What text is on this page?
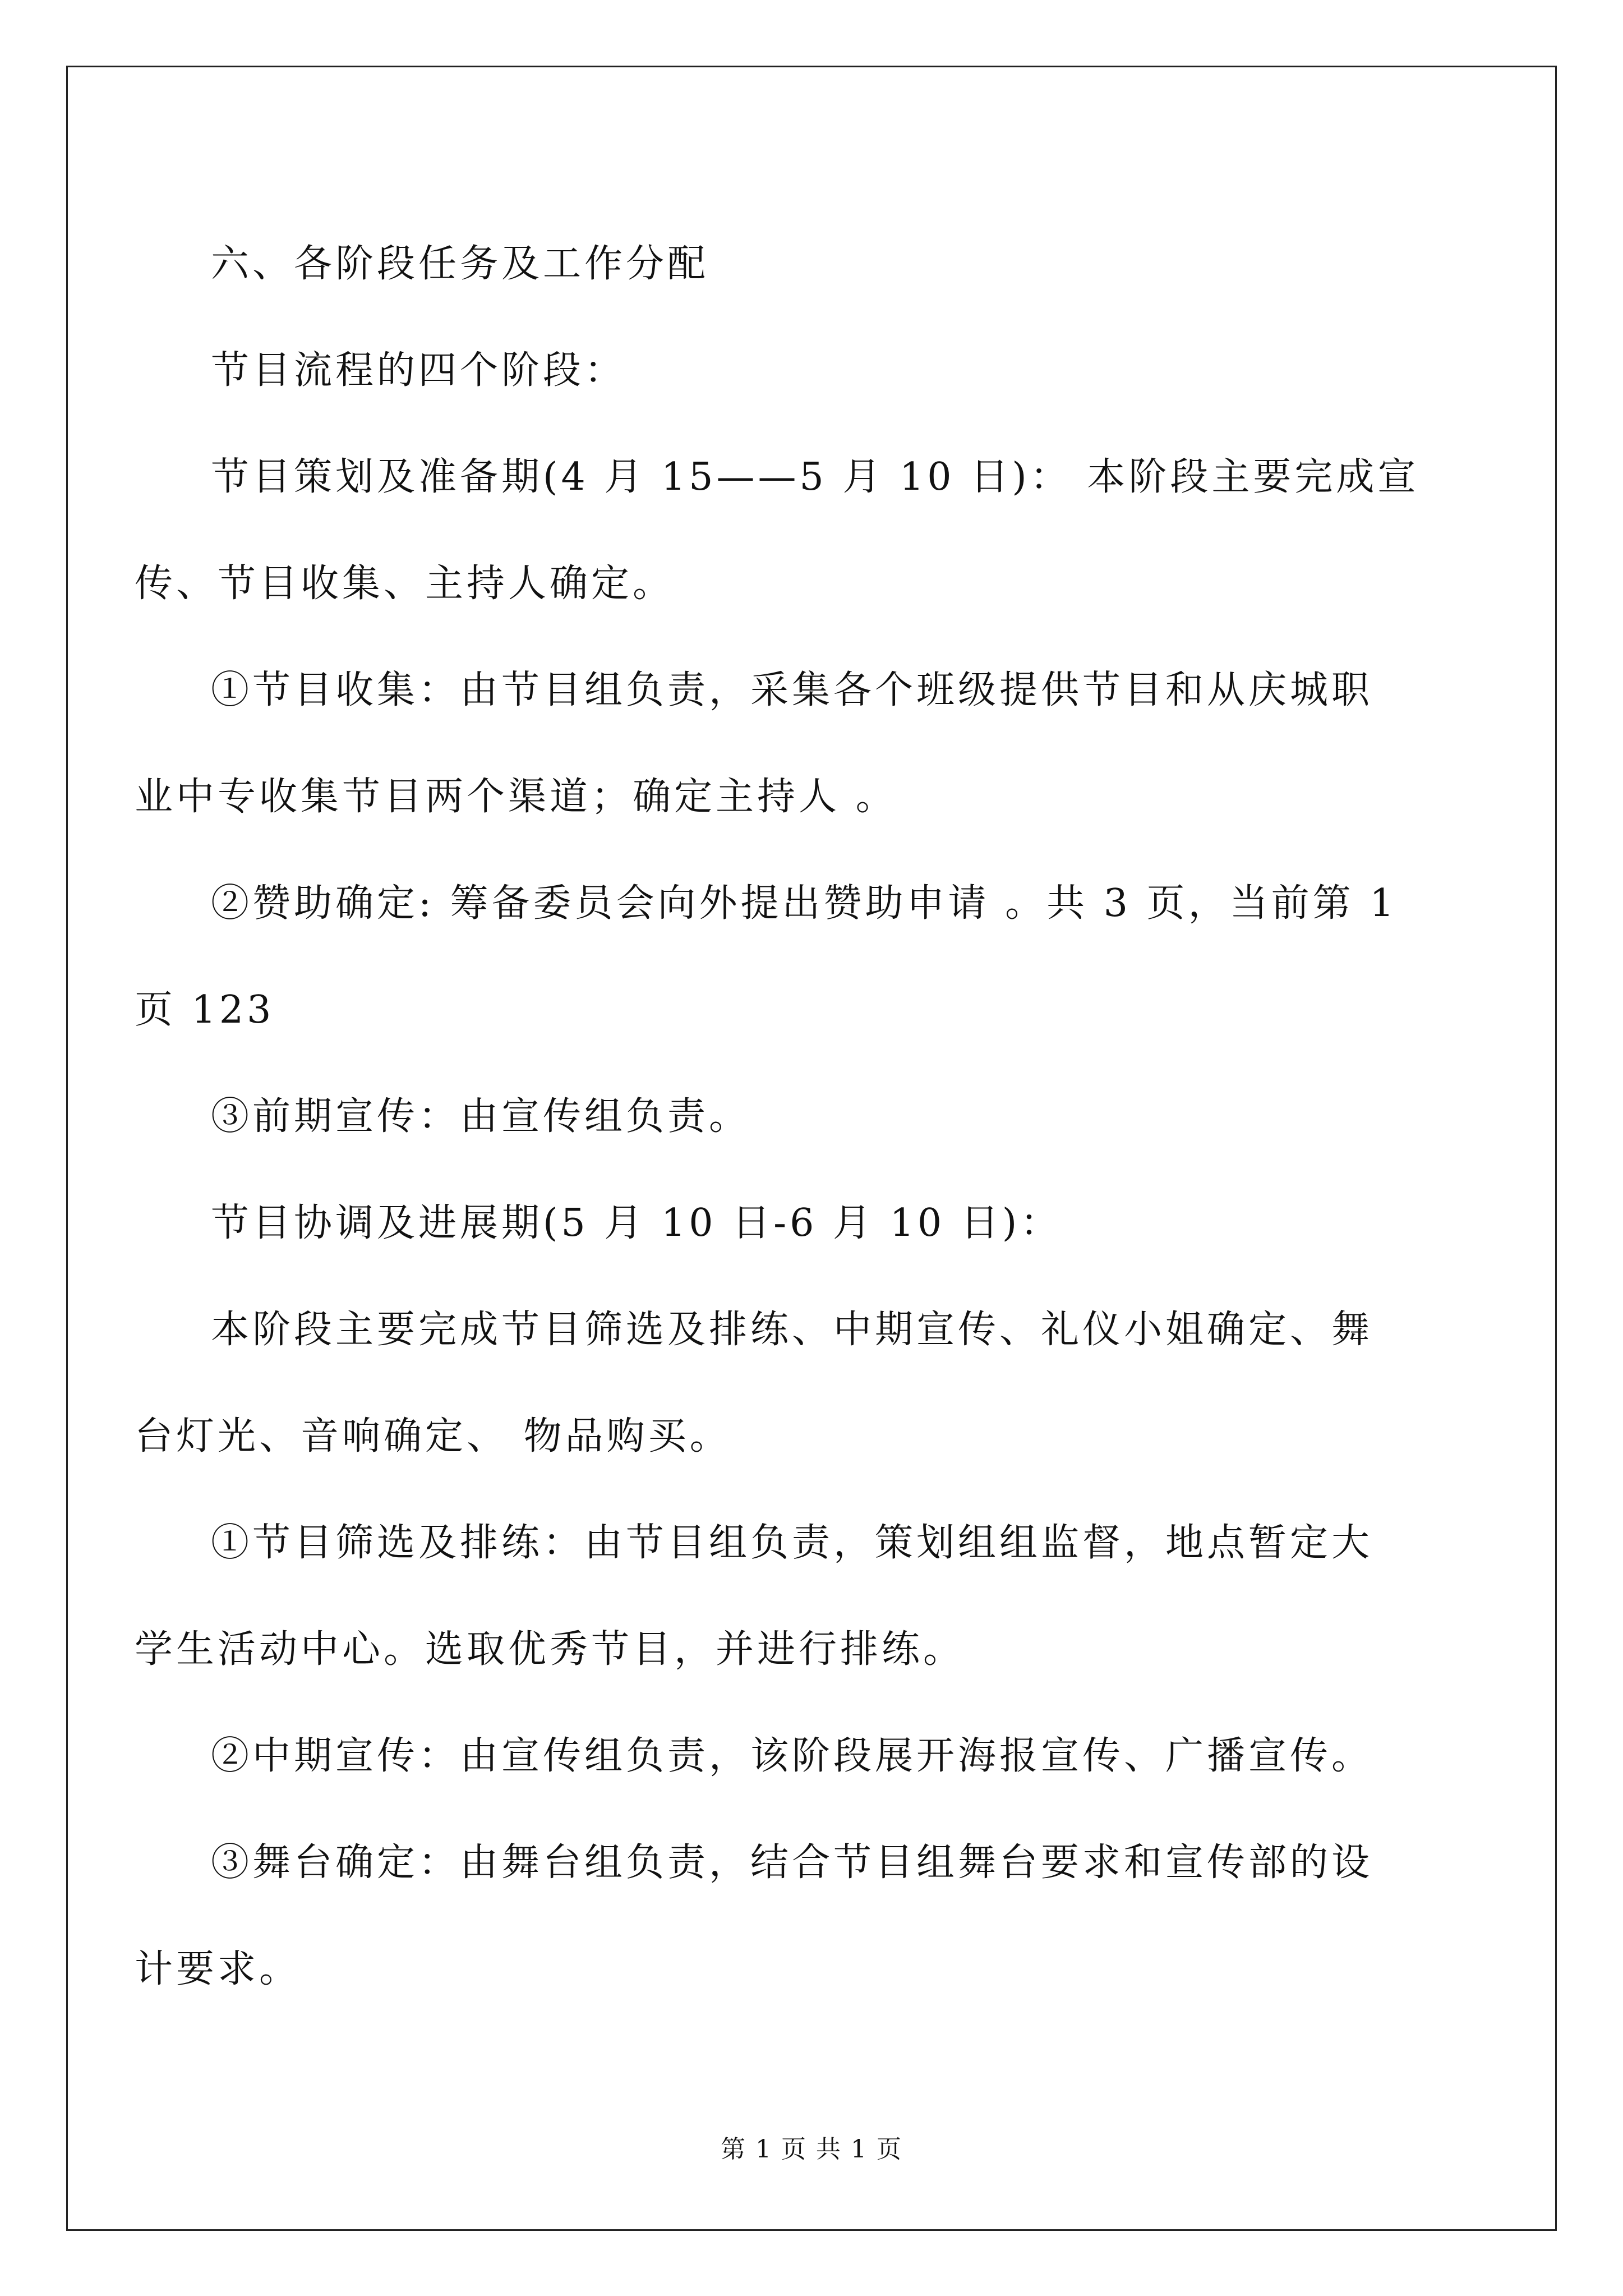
六、各阶段任务及工作分配

节目流程的四个阶段：

节目策划及准备期(4 月 15——5 月 10 日)： 本阶段主要完成宣
传、节目收集、主持人确定。

①节目收集：由节目组负责，采集各个班级提供节目和从庆城职
业中专收集节目两个渠道；确定主持人 。

②赞助确定: 筹备委员会向外提出赞助申请 。共 3 页，当前第 1
页 123

③前期宣传：由宣传组负责。

节目协调及进展期(5 月 10 日-6 月 10 日)：

本阶段主要完成节目筛选及排练、中期宣传、礼仪小姐确定、舞
台灯光、音响确定、 物品购买。

①节目筛选及排练：由节目组负责，策划组组监督，地点暂定大
学生活动中心。选取优秀节目，并进行排练。

②中期宣传：由宣传组负责，该阶段展开海报宣传、广播宣传。

③舞台确定：由舞台组负责，结合节目组舞台要求和宣传部的设
计要求。

第 1 页 共 1 页
